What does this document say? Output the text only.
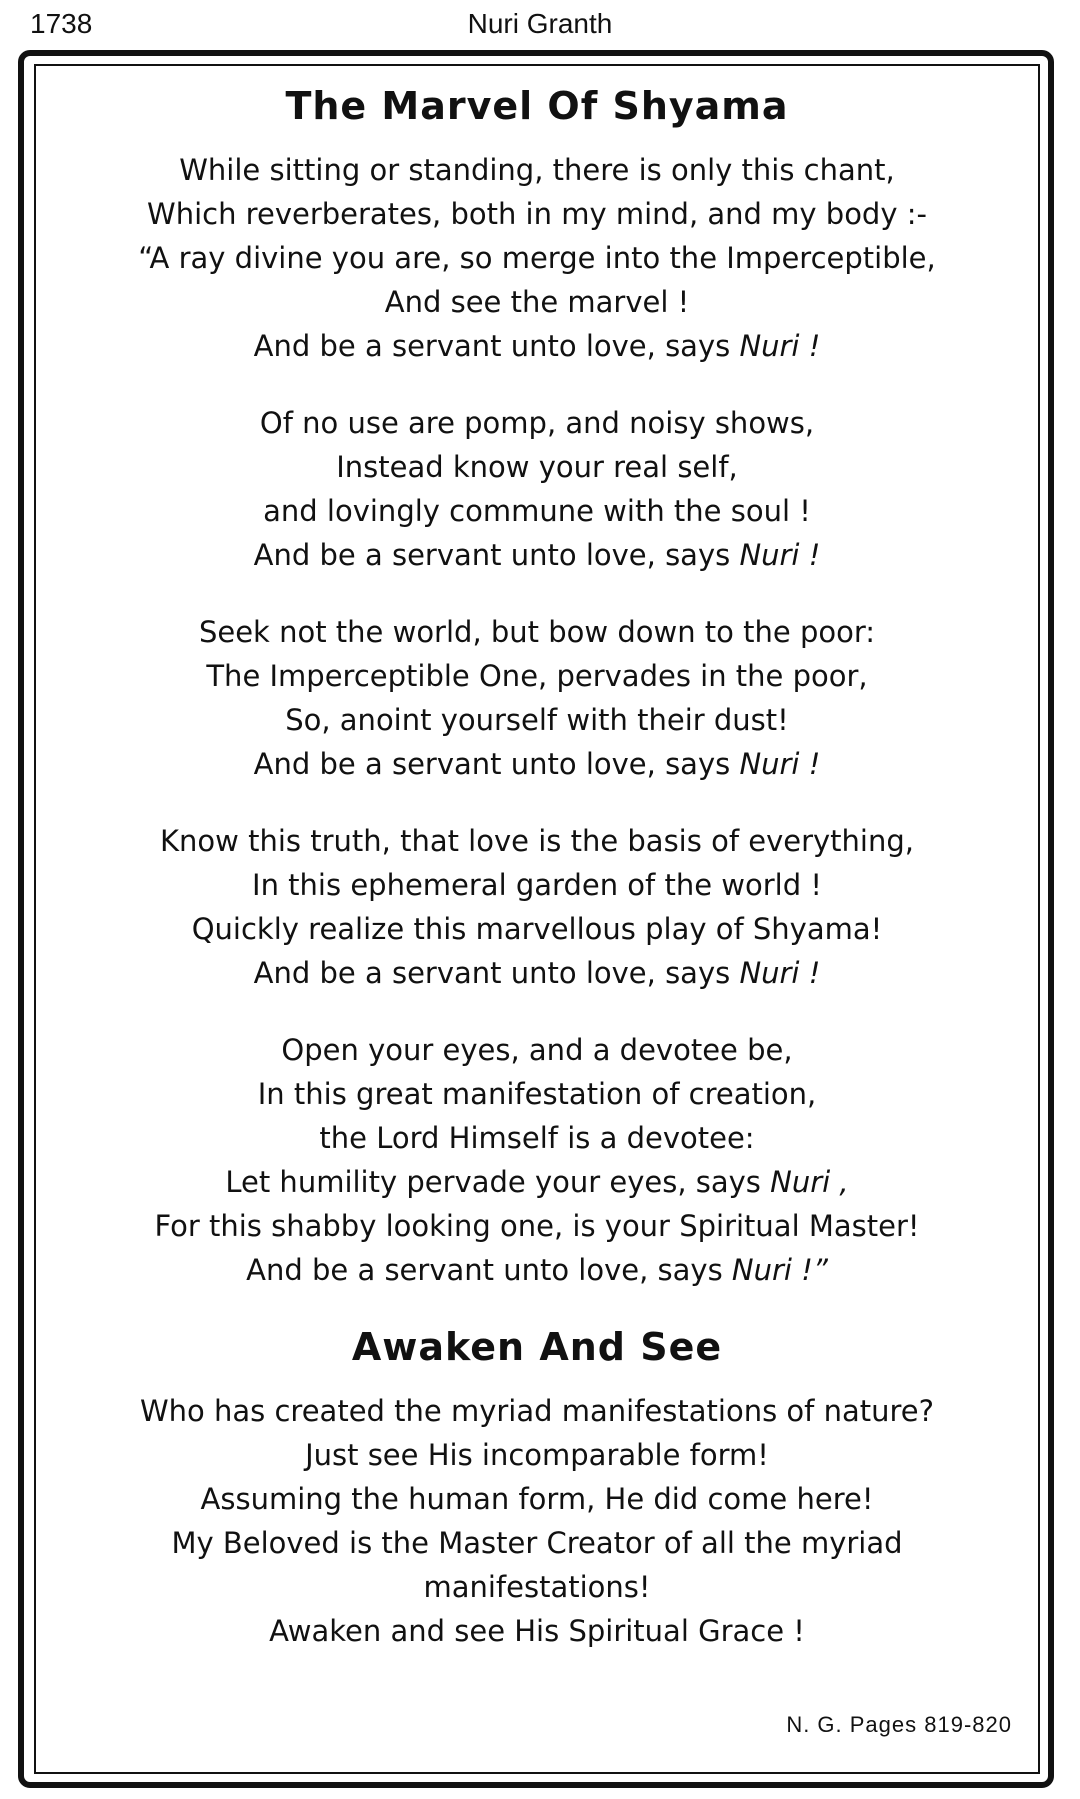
1738	Nuri Granth
The Marvel Of Shyama
While sitting or standing, there is only this chant,
Which reverberates, both in my mind, and my body :-
“A ray divine you are, so merge into the Imperceptible,
And see the marvel !
And be a servant unto love, says Nuri !
Of no use are pomp, and noisy shows,
Instead know your real self,
and lovingly commune with the soul !
And be a servant unto love, says Nuri !
Seek not the world, but bow down to the poor:
The Imperceptible One, pervades in the poor,
So, anoint yourself with their dust!
And be a servant unto love, says Nuri !
Know this truth, that love is the basis of everything,
In this ephemeral garden of the world !
Quickly realize this marvellous play of Shyama!
And be a servant unto love, says Nuri !
Open your eyes, and a devotee be,
In this great manifestation of creation,
the Lord Himself is a devotee:
Let humility pervade your eyes, says Nuri ,
For this shabby looking one, is your Spiritual Master!
And be a servant unto love, says Nuri !”
Awaken And See
Who has created the myriad manifestations of nature?
Just see His incomparable form!
Assuming the human form, He did come here!
My Beloved is the Master Creator of all the myriad
manifestations!
Awaken and see His Spiritual Grace !
N. G. Pages 819-820
